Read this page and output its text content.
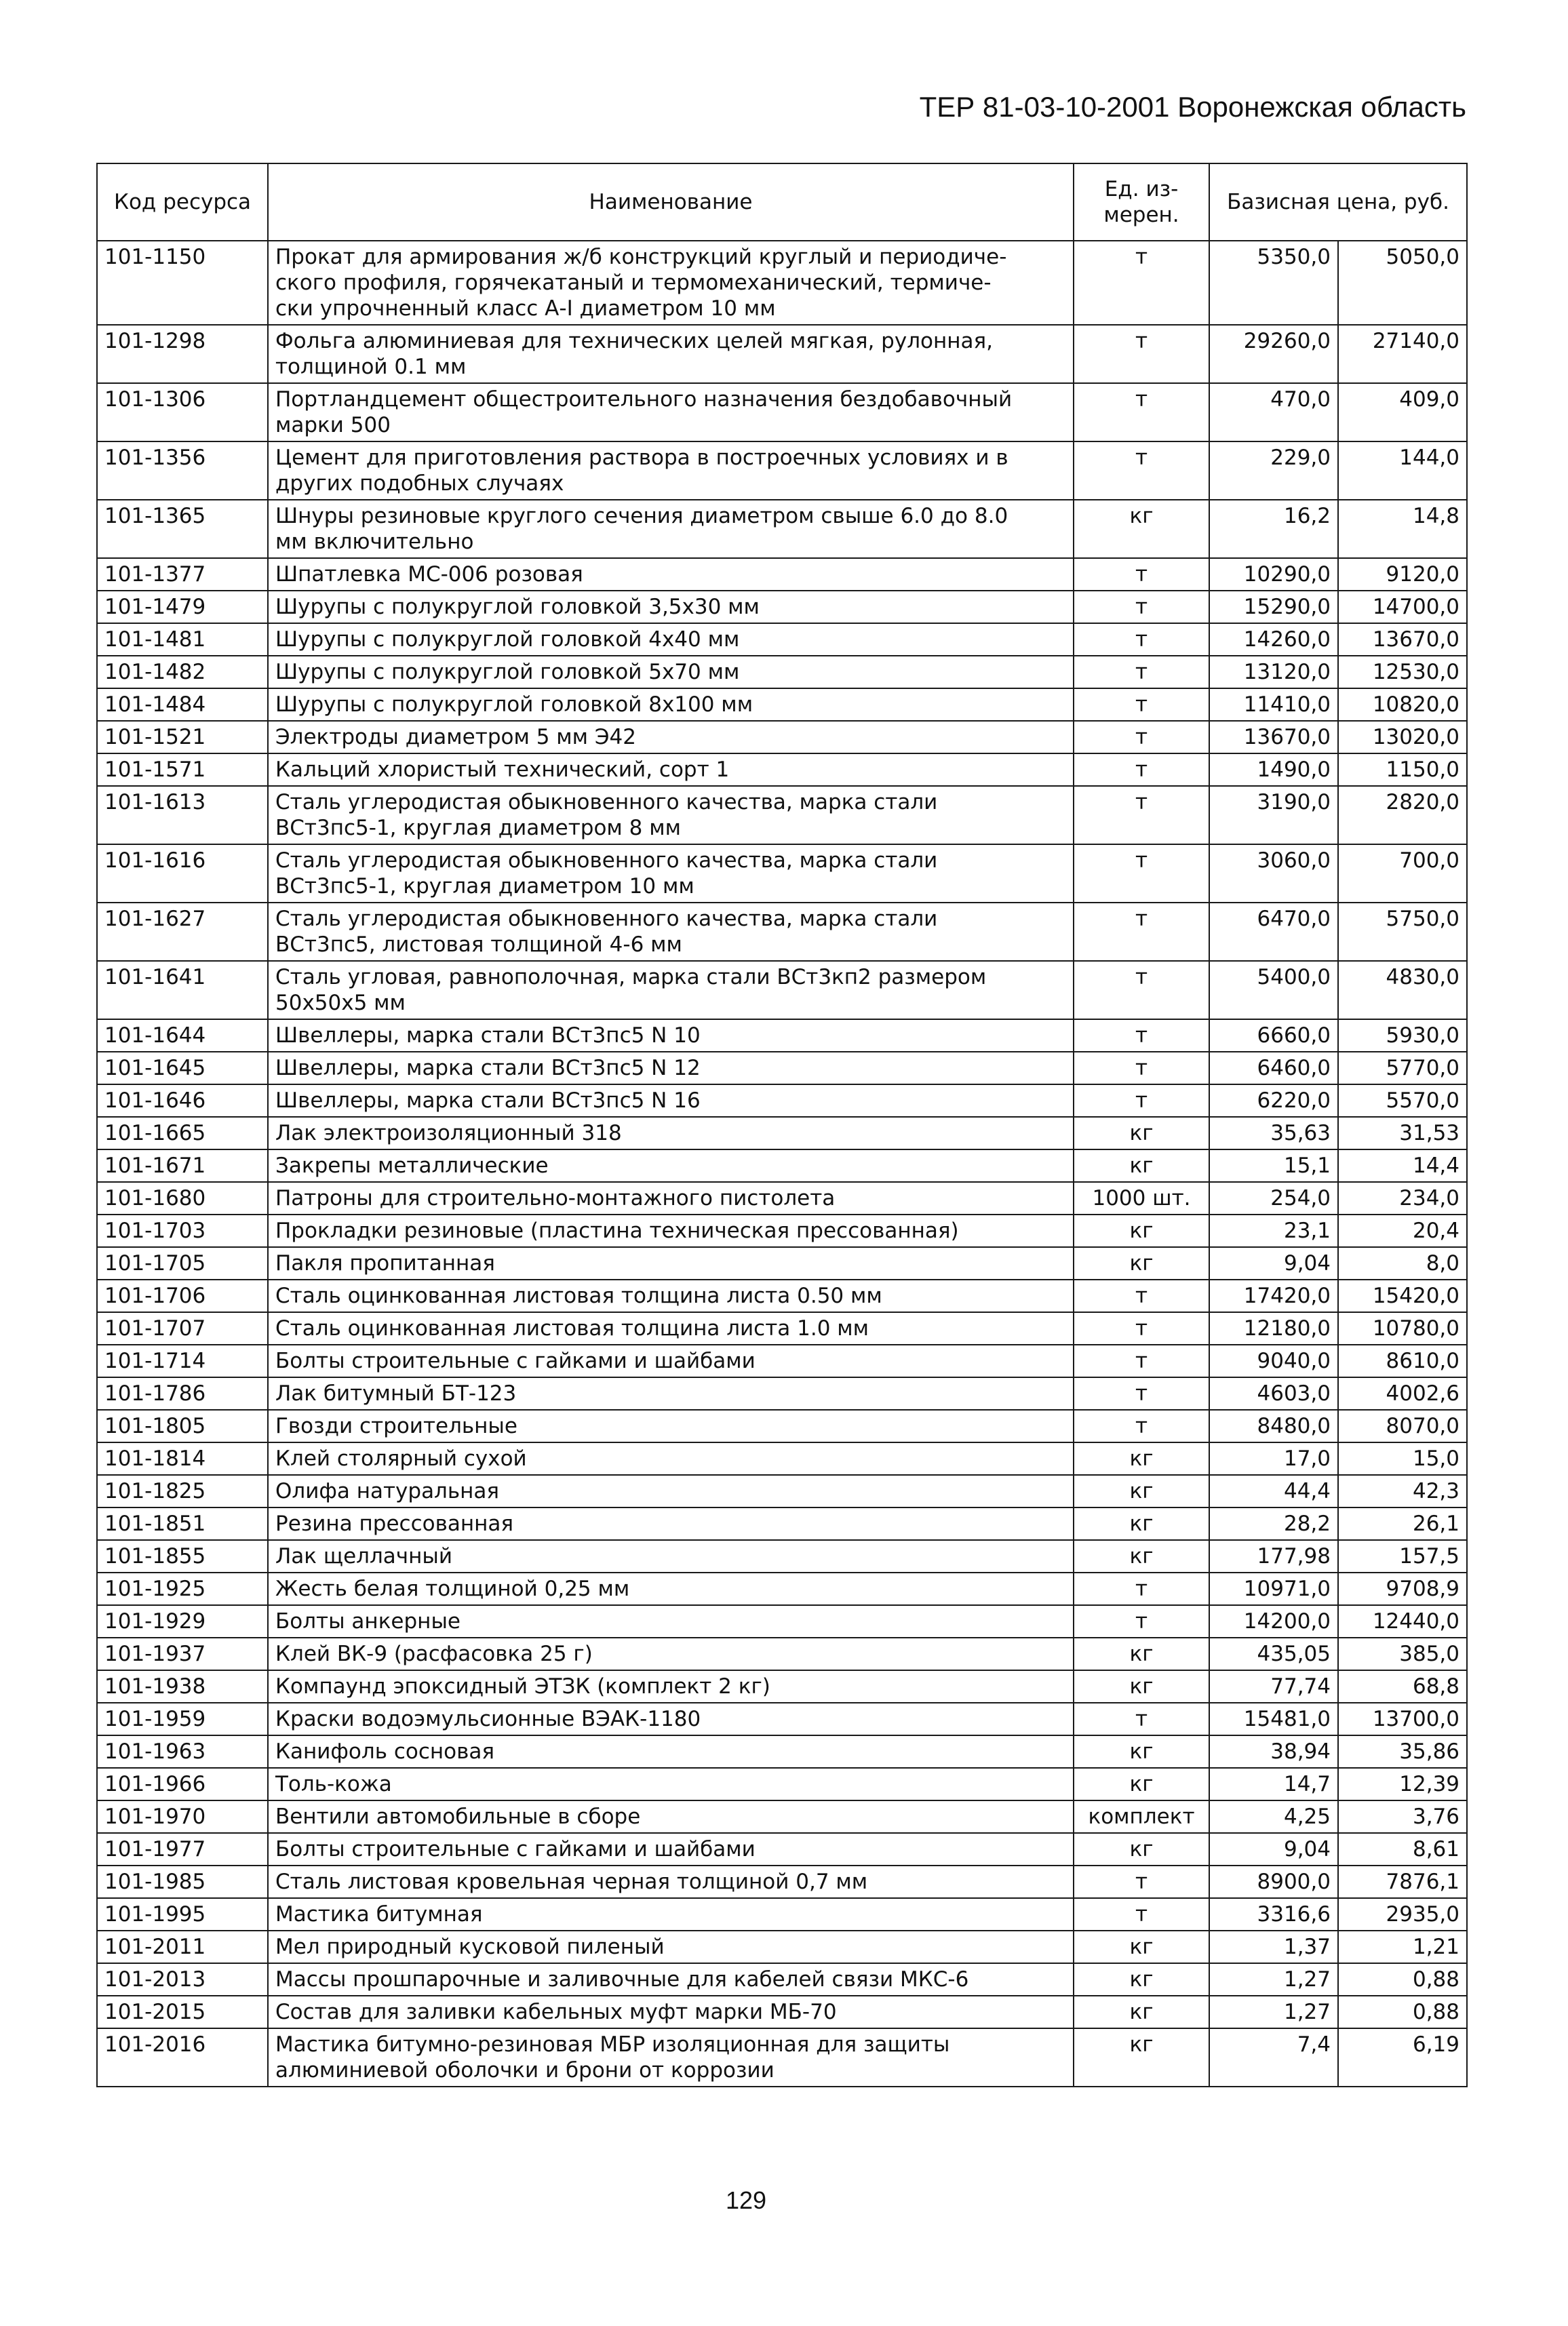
ТЕР 81-03-10-2001 Воронежская область
Код ресурса	Наименование	Ед. из-
мерен.	Базисная цена, руб.	
101-1150	Прокат для армирования ж/б конструкций круглый и периодиче-
ского профиля, горячекатаный и термомеханический, термиче-
ски упрочненный класс А-I диаметром 10 мм	т	5350,0	5050,0
101-1298	Фольга алюминиевая для технических целей мягкая, рулонная,
толщиной 0.1 мм	т	29260,0	27140,0
101-1306	Портландцемент общестроительного назначения бездобавочный
марки 500	т	470,0	409,0
101-1356	Цемент для приготовления раствора в построечных условиях и в
других подобных случаях	т	229,0	144,0
101-1365	Шнуры резиновые круглого сечения диаметром свыше 6.0 до 8.0
мм включительно	кг	16,2	14,8
101-1377	Шпатлевка МС-006 розовая	т	10290,0	9120,0
101-1479	Шурупы с полукруглой головкой 3,5х30 мм	т	15290,0	14700,0
101-1481	Шурупы с полукруглой головкой 4х40 мм	т	14260,0	13670,0
101-1482	Шурупы с полукруглой головкой 5х70 мм	т	13120,0	12530,0
101-1484	Шурупы с полукруглой головкой 8х100 мм	т	11410,0	10820,0
101-1521	Электроды диаметром 5 мм Э42	т	13670,0	13020,0
101-1571	Кальций хлористый технический, сорт 1	т	1490,0	1150,0
101-1613	Сталь углеродистая обыкновенного качества, марка стали
ВСт3пс5-1, круглая диаметром 8 мм	т	3190,0	2820,0
101-1616	Сталь углеродистая обыкновенного качества, марка стали
ВСт3пс5-1, круглая диаметром 10 мм	т	3060,0	700,0
101-1627	Сталь углеродистая обыкновенного качества, марка стали
ВСт3пс5, листовая толщиной 4-6 мм	т	6470,0	5750,0
101-1641	Сталь угловая, равнополочная, марка стали ВСт3кп2 размером
50х50х5 мм	т	5400,0	4830,0
101-1644	Швеллеры, марка стали ВСт3пс5 N 10	т	6660,0	5930,0
101-1645	Швеллеры, марка стали ВСт3пс5 N 12	т	6460,0	5770,0
101-1646	Швеллеры, марка стали ВСт3пс5 N 16	т	6220,0	5570,0
101-1665	Лак электроизоляционный 318	кг	35,63	31,53
101-1671	Закрепы металлические	кг	15,1	14,4
101-1680	Патроны для строительно-монтажного пистолета	1000 шт.	254,0	234,0
101-1703	Прокладки резиновые (пластина техническая прессованная)	кг	23,1	20,4
101-1705	Пакля пропитанная	кг	9,04	8,0
101-1706	Сталь оцинкованная листовая толщина листа 0.50 мм	т	17420,0	15420,0
101-1707	Сталь оцинкованная листовая толщина листа 1.0 мм	т	12180,0	10780,0
101-1714	Болты строительные с гайками и шайбами	т	9040,0	8610,0
101-1786	Лак битумный БТ-123	т	4603,0	4002,6
101-1805	Гвозди строительные	т	8480,0	8070,0
101-1814	Клей столярный сухой	кг	17,0	15,0
101-1825	Олифа натуральная	кг	44,4	42,3
101-1851	Резина прессованная	кг	28,2	26,1
101-1855	Лак щеллачный	кг	177,98	157,5
101-1925	Жесть белая толщиной 0,25 мм	т	10971,0	9708,9
101-1929	Болты анкерные	т	14200,0	12440,0
101-1937	Клей ВК-9 (расфасовка 25 г)	кг	435,05	385,0
101-1938	Компаунд эпоксидный ЭТЗК (комплект 2 кг)	кг	77,74	68,8
101-1959	Краски водоэмульсионные ВЭАК-1180	т	15481,0	13700,0
101-1963	Канифоль сосновая	кг	38,94	35,86
101-1966	Толь-кожа	кг	14,7	12,39
101-1970	Вентили автомобильные в сборе	комплект	4,25	3,76
101-1977	Болты строительные с гайками и шайбами	кг	9,04	8,61
101-1985	Сталь листовая кровельная черная толщиной 0,7 мм	т	8900,0	7876,1
101-1995	Мастика битумная	т	3316,6	2935,0
101-2011	Мел природный кусковой пиленый	кг	1,37	1,21
101-2013	Массы прошпарочные и заливочные для кабелей связи МКС-6	кг	1,27	0,88
101-2015	Состав для заливки кабельных муфт марки МБ-70	кг	1,27	0,88
101-2016	Мастика битумно-резиновая МБР изоляционная для защиты
алюминиевой оболочки и брони от коррозии	кг	7,4	6,19
129
